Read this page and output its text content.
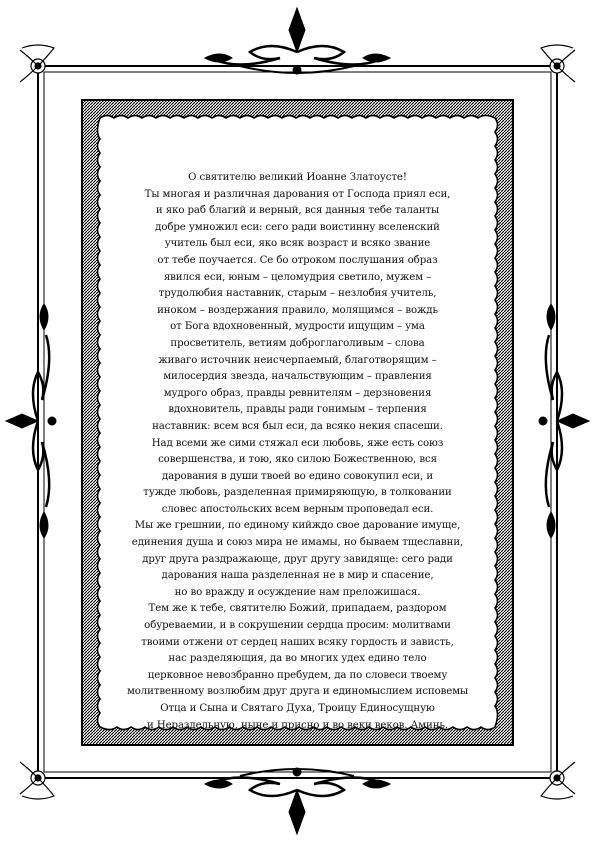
О святителю великий Иоанне Златоусте!
Ты многая и различная дарования от Господа приял еси,
и яко раб благий и верный, вся данныя тебе таланты
добре умножил еси: сего ради воистинну вселенский
учитель был еси, яко всяк возраст и всяко звание
от тебе поучается. Се бо отроком послушания образ
явился еси, юным – целомудрия светило, мужем –
трудолюбия наставник, старым – незлобия учитель,
иноком – воздержания правило, молящимся – вождь
от Бога вдохновенный, мудрости ищущим – ума
просветитель, ветиям доброглаголивым – слова
живаго источник неисчерпаемый, благотворящим –
милосердия звезда, начальствующим – правления
мудрого образ, правды ревнителям – дерзновения
вдохновитель, правды ради гонимым – терпения
наставник: всем вся был еси, да всяко некия спасеши.
Над всеми же сими стяжал еси любовь, яже есть союз
совершенства, и тою, яко силою Божественною, вся
дарования в души твоей во едино совокупил еси, и
тужде любовь, разделенная примиряющую, в толковании
словес апостольских всем верным проповедал еси.
Мы же грешнии, по единому кийждо свое дарование имуще,
единения душа и союз мира не имамы, но бываем тщеславни,
друг друга раздражающе, друг другу завидяще: сего ради
дарования наша разделенная не в мир и спасение,
но во вражду и осуждение нам преложишася.
Тем же к тебе, святителю Божий, припадаем, раздором
обуреваемии, и в сокрушении сердца просим: молитвами
твоими отжени от сердец наших всяку гордость и зависть,
нас разделяющия, да во многих удех едино тело
церковное невозбранно пребудем, да по словеси твоему
молитвенному возлюбим друг друга и единомыслием исповемы
Отца и Сына и Святаго Духа, Троицу Единосущную
и Нераздельную, ныне и присно и во веки веков. Аминь.
